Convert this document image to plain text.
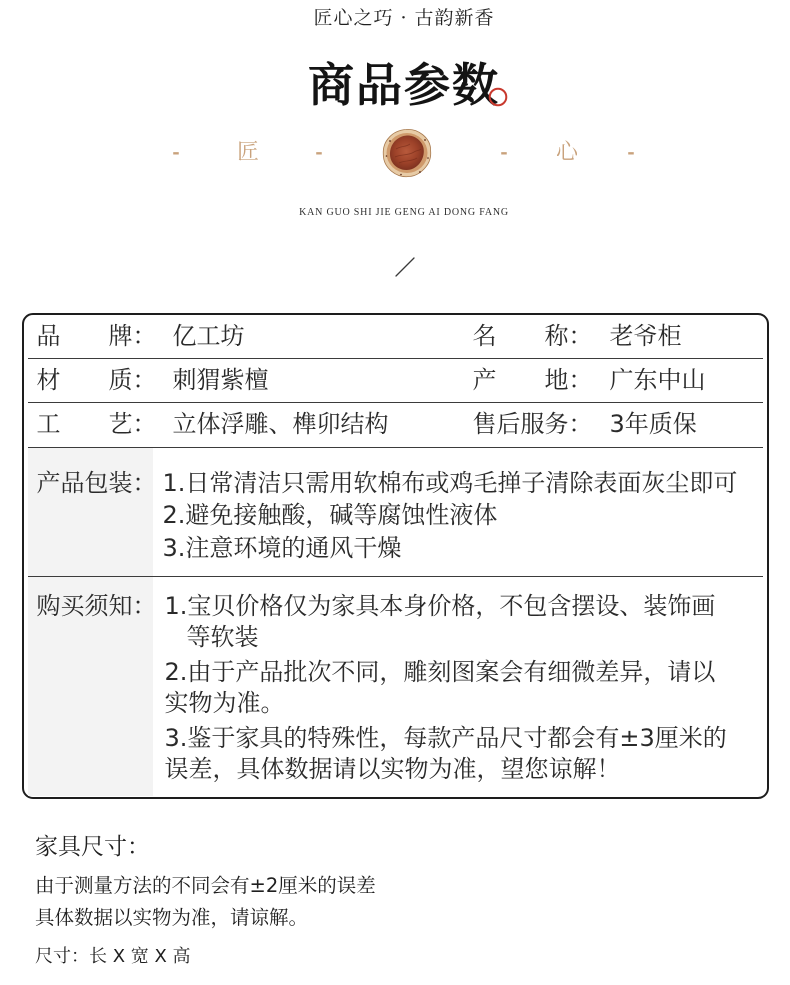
匠心之巧 · 古韵新香
商品参数
-	匠	-	-	心	-
KAN GUO SHI JIE GENG AI DONG FANG
品　　牌： 亿工坊	名　　称： 老爷柜
材　　质： 刺猬紫檀	产　　地： 广东中山
工　　艺： 立体浮雕、榫卯结构	售后服务： 3年质保
产品包装： 1.日常清洁只需用软棉布或鸡毛掸子清除表面灰尘即可
2.避免接触酸，碱等腐蚀性液体
3.注意环境的通风干燥
购买须知： 1.宝贝价格仅为家具本身价格，不包含摆设、装饰画
等软装
2.由于产品批次不同，雕刻图案会有细微差异，请以
实物为准。
3.鉴于家具的特殊性，每款产品尺寸都会有±3厘米的
误差，具体数据请以实物为准，望您谅解！
家具尺寸：
由于测量方法的不同会有±2厘米的误差
具体数据以实物为准，请谅解。
尺寸：长 X 宽 X 高
